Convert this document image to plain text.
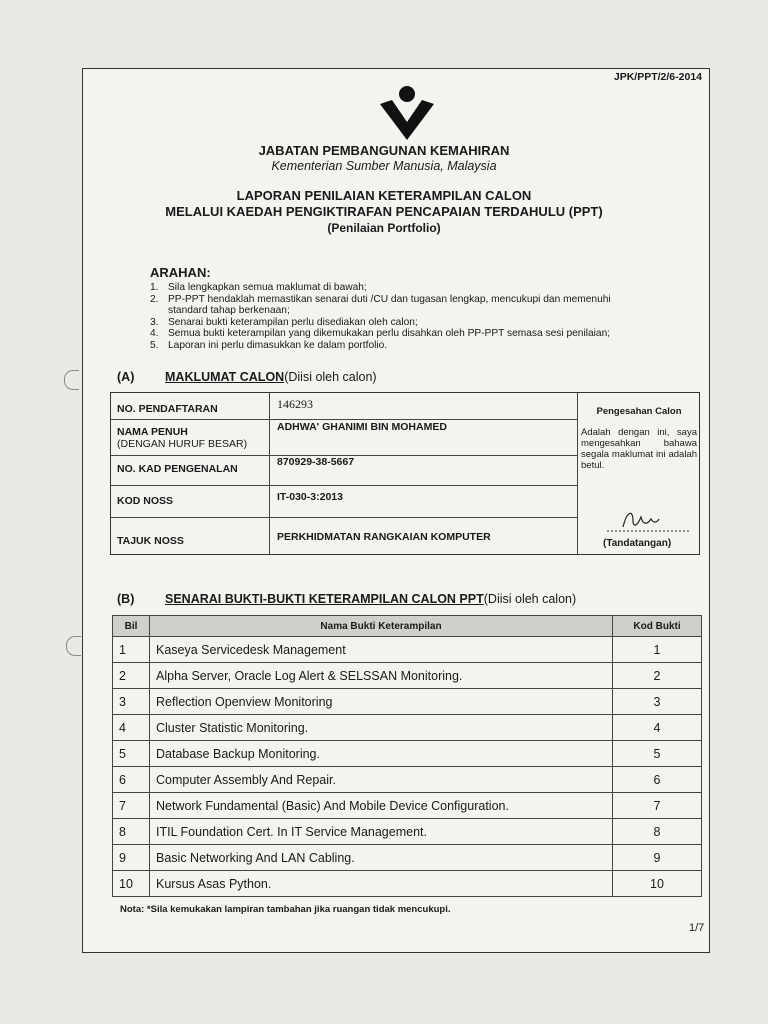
JPK/PPT/2/6-2014
JABATAN PEMBANGUNAN KEMAHIRAN
Kementerian Sumber Manusia, Malaysia
LAPORAN PENILAIAN KETERAMPILAN CALON
MELALUI KAEDAH PENGIKTIRAFAN PENCAPAIAN TERDAHULU (PPT)
(Penilaian Portfolio)
ARAHAN:
1. Sila lengkapkan semua maklumat di bawah;
2. PP-PPT hendaklah memastikan senarai duti /CU dan tugasan lengkap, mencukupi dan memenuhi
standard tahap berkenaan;
3. Senarai bukti keterampilan perlu disediakan oleh calon;
4. Semua bukti keterampilan yang dikemukakan perlu disahkan oleh PP-PPT semasa sesi penilaian;
5. Laporan ini perlu dimasukkan ke dalam portfolio.
(A) MAKLUMAT CALON(Diisi oleh calon)
NO. PENDAFTARAN	146293
NAMA PENUH
(DENGAN HURUF BESAR)
ADHWA' GHANIMI BIN MOHAMED
NO. KAD PENGENALAN
870929-38-5667
KOD NOSS	IT-030-3:2013
TAJUK NOSS	PERKHIDMATAN RANGKAIAN KOMPUTER
Pengesahan Calon
Adalah dengan ini, saya mengesahkan bahawa segala maklumat ini adalah betul.
(Tandatangan)
(B) SENARAI BUKTI-BUKTI KETERAMPILAN CALON PPT(Diisi oleh calon)
Bil	Nama Bukti Keterampilan	Kod Bukti
1	Kaseya Servicedesk Management	1
2	Alpha Server, Oracle Log Alert & SELSSAN Monitoring.	2
3	Reflection Openview Monitoring	3
4	Cluster Statistic Monitoring.	4
5	Database Backup Monitoring.	5
6	Computer Assembly And Repair.	6
7	Network Fundamental (Basic) And Mobile Device Configuration.	7
8	ITIL Foundation Cert. In IT Service Management.	8
9	Basic Networking And LAN Cabling.	9
10	Kursus Asas Python.	10
Nota: *Sila kemukakan lampiran tambahan jika ruangan tidak mencukupi.
1/7
